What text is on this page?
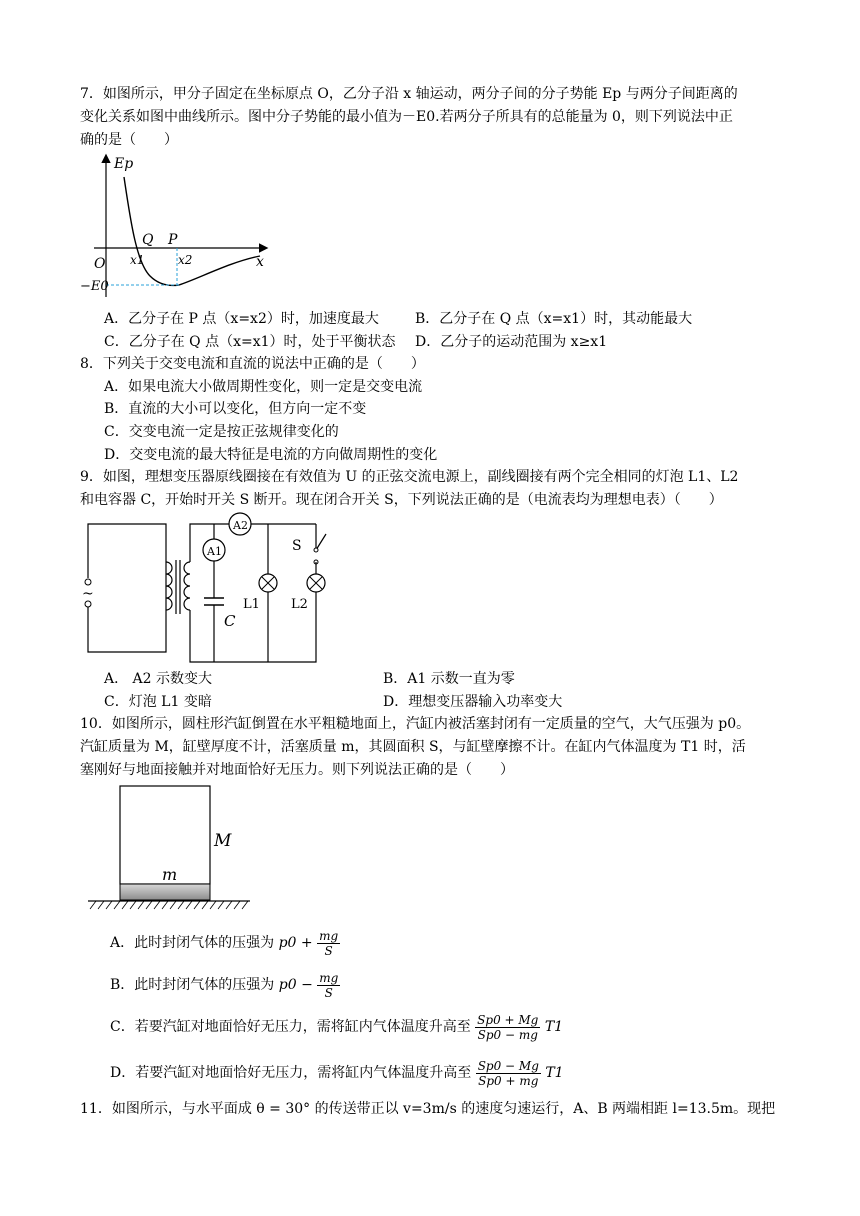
7．如图所示，甲分子固定在坐标原点 O，乙分子沿 x 轴运动，两分子间的分子势能 Ep 与两分子间距离的
变化关系如图中曲线所示。图中分子势能的最小值为－E0.若两分子所具有的总能量为 0，则下列说法中正
确的是（　　）
Ep
x
O
Q P
x1	x2
−E0
A．乙分子在 P 点（x=x2）时，加速度最大	B．乙分子在 Q 点（x=x1）时，其动能最大
C．乙分子在 Q 点（x=x1）时，处于平衡状态 D．乙分子的运动范围为 x≥x1
8．下列关于交变电流和直流的说法中正确的是（　　）
A．如果电流大小做周期性变化，则一定是交变电流
B．直流的大小可以变化，但方向一定不变
C．交变电流一定是按正弦规律变化的
D．交变电流的最大特征是电流的方向做周期性的变化
9．如图，理想变压器原线圈接在有效值为 U 的正弦交流电源上，副线圈接有两个完全相同的灯泡 L1、L2
和电容器 C，开始时开关 S 断开。现在闭合开关 S，下列说法正确的是（电流表均为理想电表）（　　）
~
A2
A1	S
L1 L2
C
A． A2 示数变大	B．A1 示数一直为零
C．灯泡 L1 变暗	D．理想变压器输入功率变大
10．如图所示，圆柱形汽缸倒置在水平粗糙地面上，汽缸内被活塞封闭有一定质量的空气，大气压强为 p0。
汽缸质量为 M，缸壁厚度不计，活塞质量 m，其圆面积 S，与缸壁摩擦不计。在缸内气体温度为 T1 时，活
塞刚好与地面接触并对地面恰好无压力。则下列说法正确的是（　　）
M
m
A．此时封闭气体的压强为 $p0 + \frac{mg}{S}$
B．此时封闭气体的压强为 $p0 - \frac{mg}{S}$
C．若要汽缸对地面恰好无压力，需将缸内气体温度升高至 $\frac{Sp0 + Mg}{Sp0 - mg} T1$
D．若要汽缸对地面恰好无压力，需将缸内气体温度升高至 $\frac{Sp0 - Mg}{Sp0 + mg} T1$
11．如图所示，与水平面成 θ = 30° 的传送带正以 v=3m/s 的速度匀速运行，A、B 两端相距 l=13.5m。现把
